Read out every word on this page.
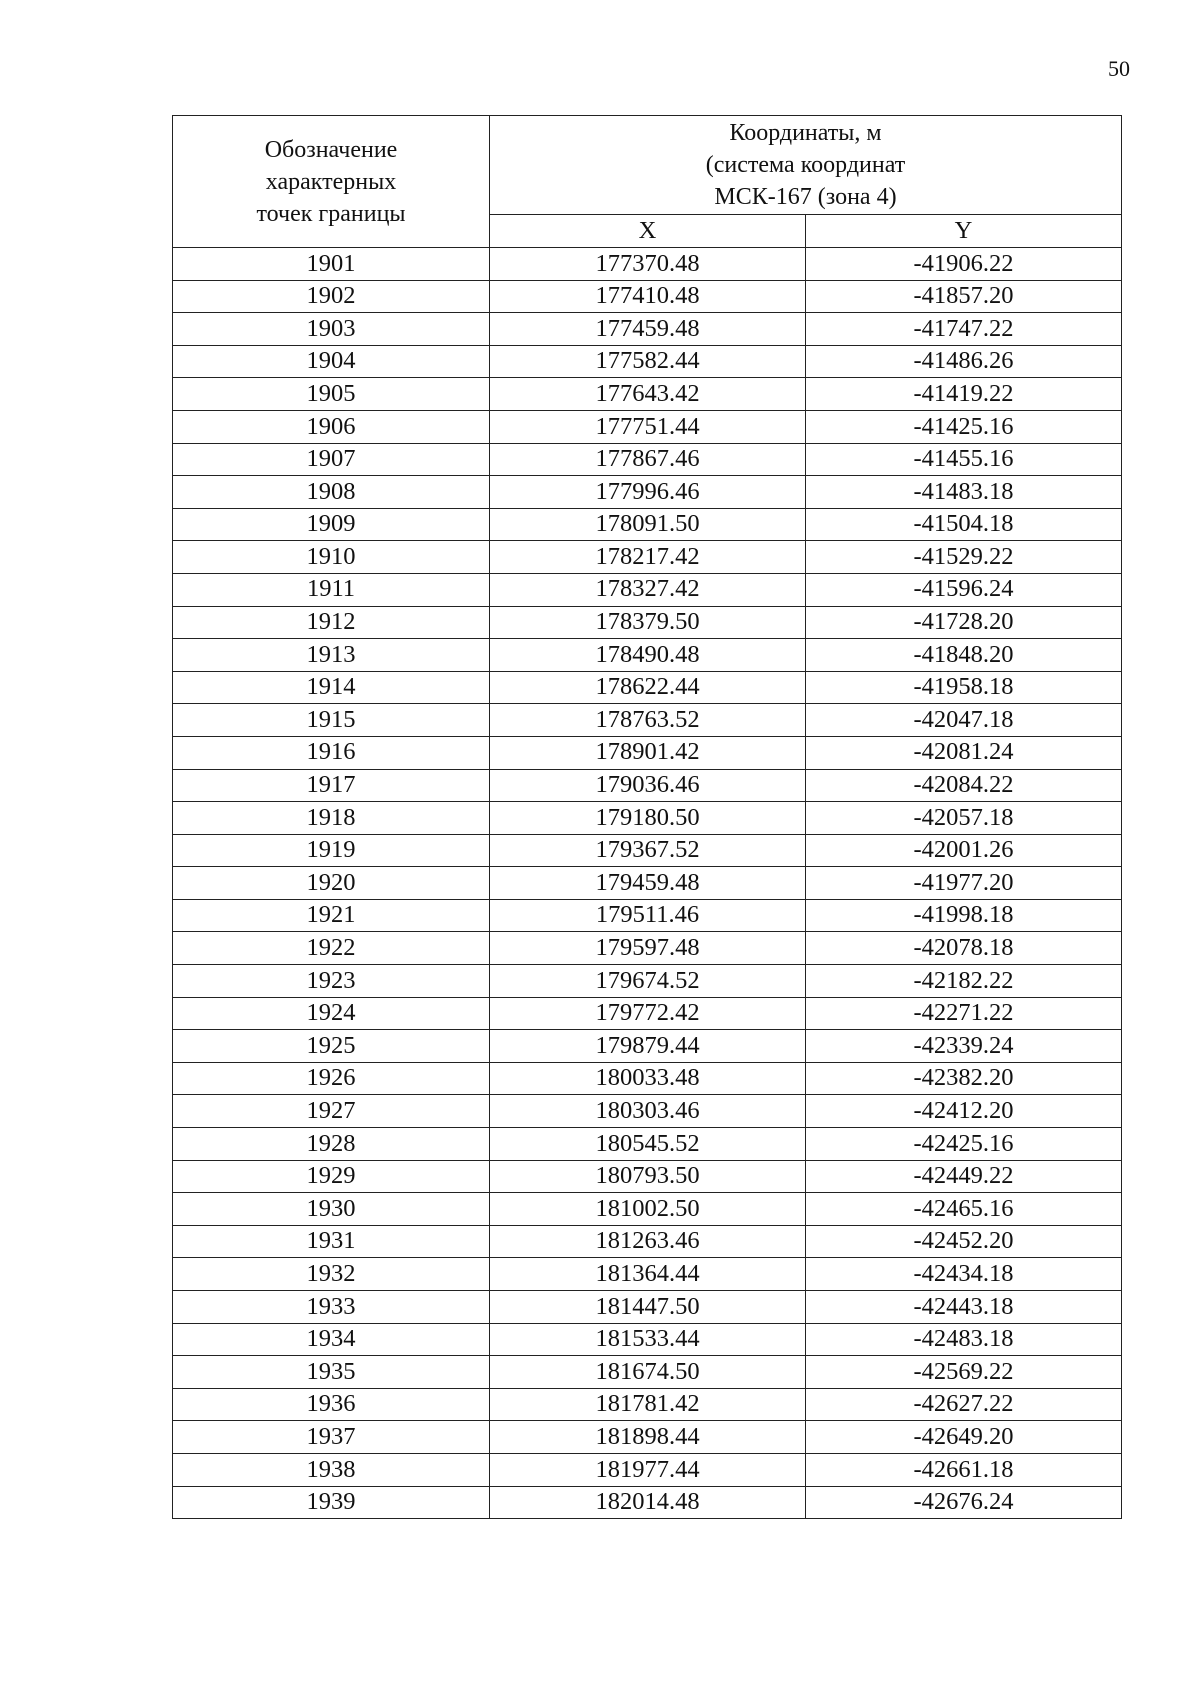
50
Обозначение
характерных
точек границы	Координаты, м
(система координат
МСК-167 (зона 4)	

	X	Y
1901	177370.48	-41906.22
1902	177410.48	-41857.20
1903	177459.48	-41747.22
1904	177582.44	-41486.26
1905	177643.42	-41419.22
1906	177751.44	-41425.16
1907	177867.46	-41455.16
1908	177996.46	-41483.18
1909	178091.50	-41504.18
1910	178217.42	-41529.22
1911	178327.42	-41596.24
1912	178379.50	-41728.20
1913	178490.48	-41848.20
1914	178622.44	-41958.18
1915	178763.52	-42047.18
1916	178901.42	-42081.24
1917	179036.46	-42084.22
1918	179180.50	-42057.18
1919	179367.52	-42001.26
1920	179459.48	-41977.20
1921	179511.46	-41998.18
1922	179597.48	-42078.18
1923	179674.52	-42182.22
1924	179772.42	-42271.22
1925	179879.44	-42339.24
1926	180033.48	-42382.20
1927	180303.46	-42412.20
1928	180545.52	-42425.16
1929	180793.50	-42449.22
1930	181002.50	-42465.16
1931	181263.46	-42452.20
1932	181364.44	-42434.18
1933	181447.50	-42443.18
1934	181533.44	-42483.18
1935	181674.50	-42569.22
1936	181781.42	-42627.22
1937	181898.44	-42649.20
1938	181977.44	-42661.18
1939	182014.48	-42676.24
